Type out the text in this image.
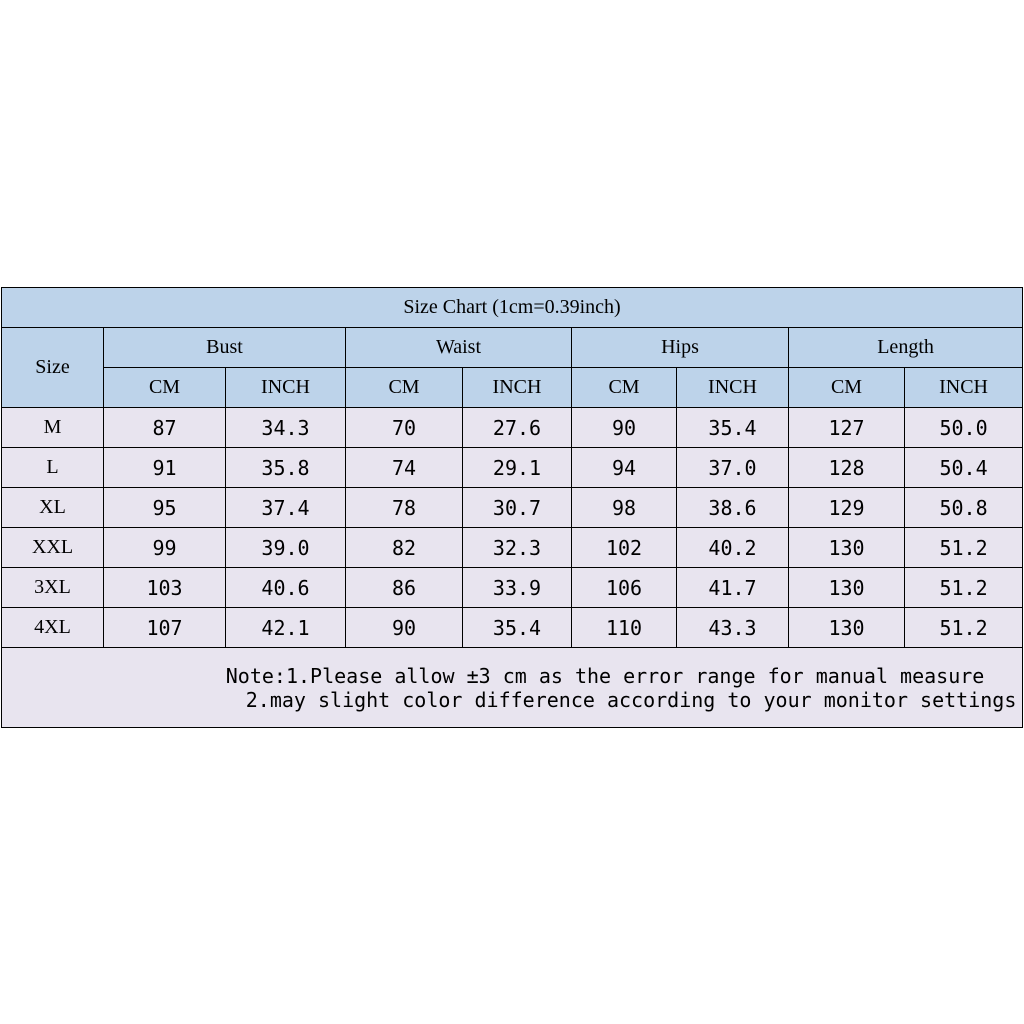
Size Chart (1cm=0.39inch)								
Size	Bust		Waist		Hips		Length	
	CM	INCH	CM	INCH	CM	INCH	CM	INCH
M	87	34.3	70	27.6	90	35.4	127	50.0
L	91	35.8	74	29.1	94	37.0	128	50.4
XL	95	37.4	78	30.7	98	38.6	129	50.8
XXL	99	39.0	82	32.3	102	40.2	130	51.2
3XL	103	40.6	86	33.9	106	41.7	130	51.2
4XL	107	42.1	90	35.4	110	43.3	130	51.2

Note:1.Please allow ±3 cm as the error range for manual measure
2.may slight color difference according to your monitor settings								
